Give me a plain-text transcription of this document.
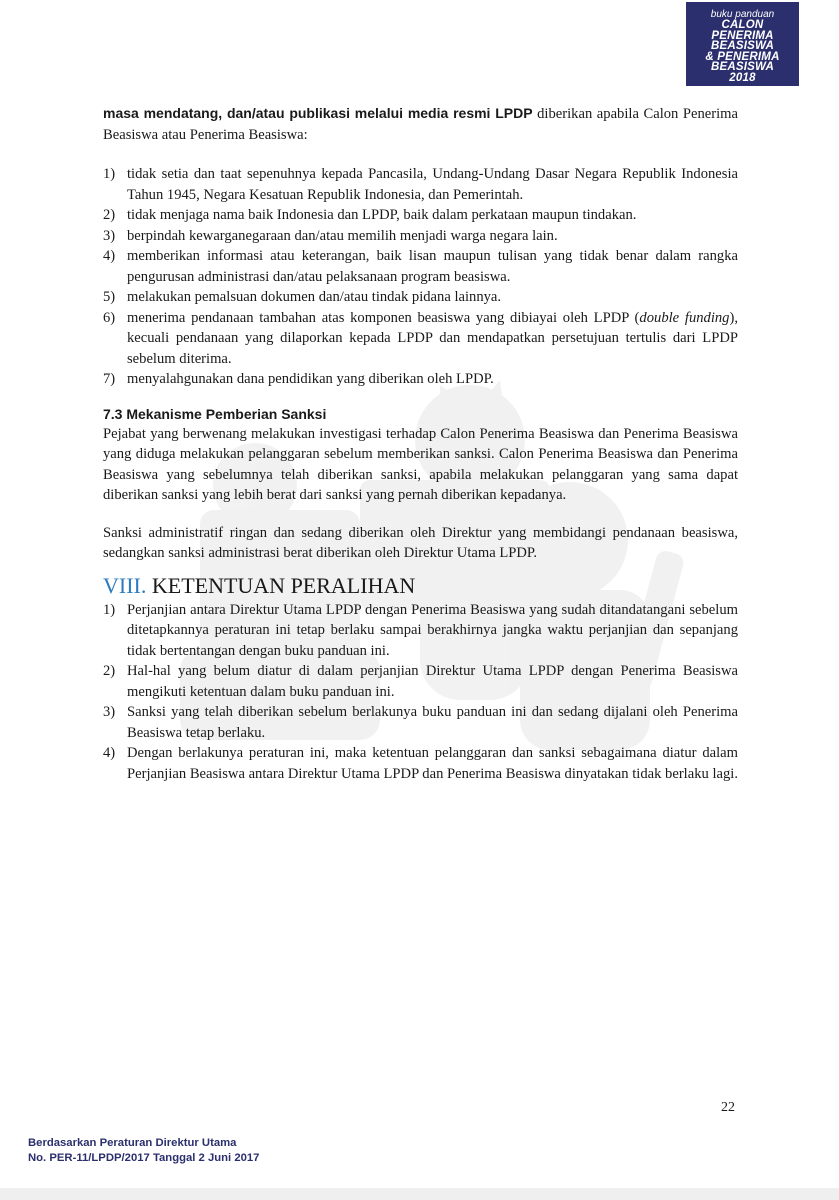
buku panduan
CALON
PENERIMA
BEASISWA
& PENERIMA
BEASISWA
2018

masa mendatang, dan/atau publikasi melalui media resmi LPDP diberikan apabila Calon Penerima Beasiswa atau Penerima Beasiswa:

1) tidak setia dan taat sepenuhnya kepada Pancasila, Undang-Undang Dasar Negara Republik Indonesia Tahun 1945, Negara Kesatuan Republik Indonesia, dan Pemerintah.
2) tidak menjaga nama baik Indonesia dan LPDP, baik dalam perkataan maupun tindakan.
3) berpindah kewarganegaraan dan/atau memilih menjadi warga negara lain.
4) memberikan informasi atau keterangan, baik lisan maupun tulisan yang tidak benar dalam rangka pengurusan administrasi dan/atau pelaksanaan program beasiswa.
5) melakukan pemalsuan dokumen dan/atau tindak pidana lainnya.
6) menerima pendanaan tambahan atas komponen beasiswa yang dibiayai oleh LPDP (double funding), kecuali pendanaan yang dilaporkan kepada LPDP dan mendapatkan persetujuan tertulis dari LPDP sebelum diterima.
7) menyalahgunakan dana pendidikan yang diberikan oleh LPDP.
7.3 Mekanisme Pemberian Sanksi

Pejabat yang berwenang melakukan investigasi terhadap Calon Penerima Beasiswa dan Penerima Beasiswa yang diduga melakukan pelanggaran sebelum memberikan sanksi. Calon Penerima Beasiswa dan Penerima Beasiswa yang sebelumnya telah diberikan sanksi, apabila melakukan pelanggaran yang sama dapat diberikan sanksi yang lebih berat dari sanksi yang pernah diberikan kepadanya.

Sanksi administratif ringan dan sedang diberikan oleh Direktur yang membidangi pendanaan beasiswa, sedangkan sanksi administrasi berat diberikan oleh Direktur Utama LPDP.

VIII. KETENTUAN PERALIHAN
1) Perjanjian antara Direktur Utama LPDP dengan Penerima Beasiswa yang sudah ditandatangani sebelum ditetapkannya peraturan ini tetap berlaku sampai berakhirnya jangka waktu perjanjian dan sepanjang tidak bertentangan dengan buku panduan ini.
2) Hal-hal yang belum diatur di dalam perjanjian Direktur Utama LPDP dengan Penerima Beasiswa mengikuti ketentuan dalam buku panduan ini.
3) Sanksi yang telah diberikan sebelum berlakunya buku panduan ini dan sedang dijalani oleh Penerima Beasiswa tetap berlaku.
4) Dengan berlakunya peraturan ini, maka ketentuan pelanggaran dan sanksi sebagaimana diatur dalam Perjanjian Beasiswa antara Direktur Utama LPDP dan Penerima Beasiswa dinyatakan tidak berlaku lagi.
22
Berdasarkan Peraturan Direktur Utama
No. PER-11/LPDP/2017 Tanggal 2 Juni 2017
